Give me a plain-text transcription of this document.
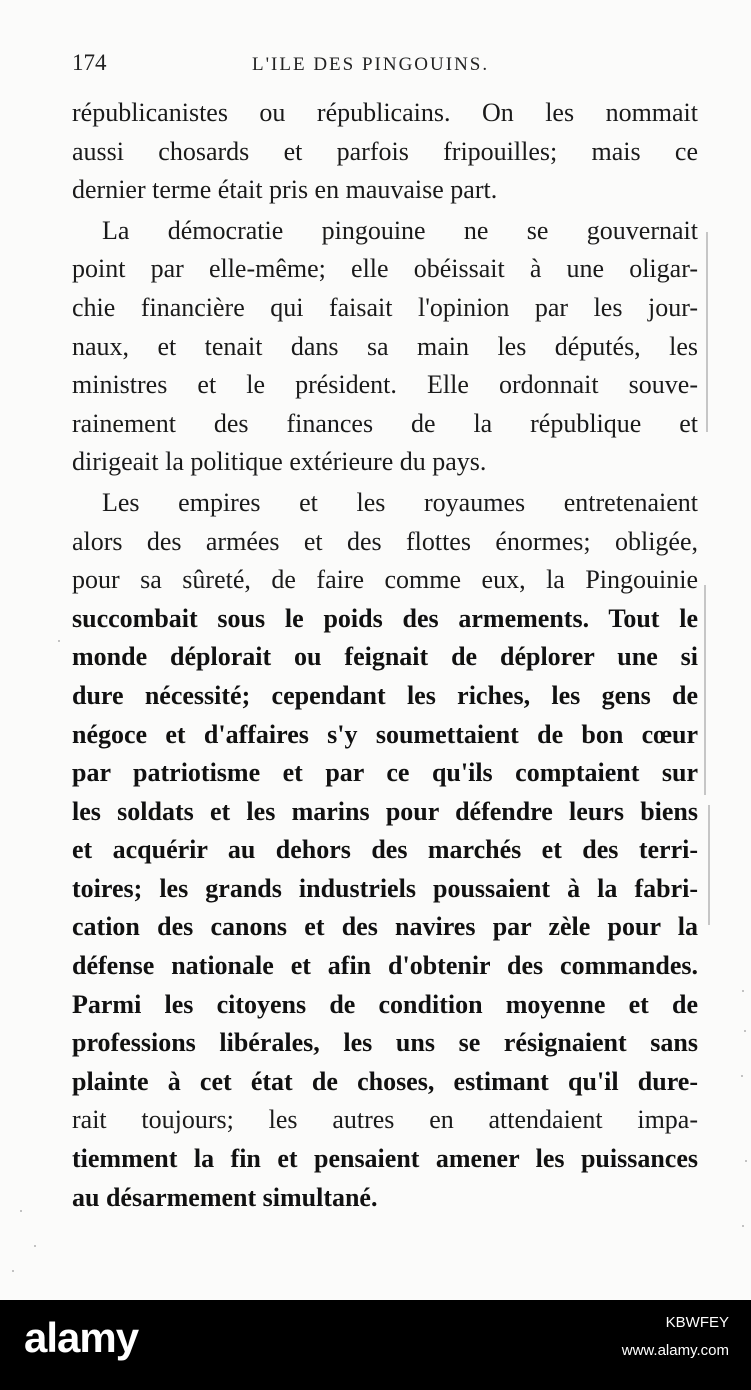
174	L'ILE DES PINGOUINS.
républicanistes ou républicains. On les nommait
aussi chosards et parfois fripouilles; mais ce
dernier terme était pris en mauvaise part.
La démocratie pingouine ne se gouvernait
point par elle-même; elle obéissait à une oligar-
chie financière qui faisait l'opinion par les jour-
naux, et tenait dans sa main les députés, les
ministres et le président. Elle ordonnait souve-
rainement des finances de la république et
dirigeait la politique extérieure du pays.
Les empires et les royaumes entretenaient
alors des armées et des flottes énormes; obligée,
pour sa sûreté, de faire comme eux, la Pingouinie
succombait sous le poids des armements. Tout le
monde déplorait ou feignait de déplorer une si
dure nécessité; cependant les riches, les gens de
négoce et d'affaires s'y soumettaient de bon cœur
par patriotisme et par ce qu'ils comptaient sur
les soldats et les marins pour défendre leurs biens
et acquérir au dehors des marchés et des terri-
toires; les grands industriels poussaient à la fabri-
cation des canons et des navires par zèle pour la
défense nationale et afin d'obtenir des commandes.
Parmi les citoyens de condition moyenne et de
professions libérales, les uns se résignaient sans
plainte à cet état de choses, estimant qu'il dure-
rait toujours; les autres en attendaient impa-
tiemment la fin et pensaient amener les puissances
au désarmement simultané.
alamy	KBWFEY
www.alamy.com
